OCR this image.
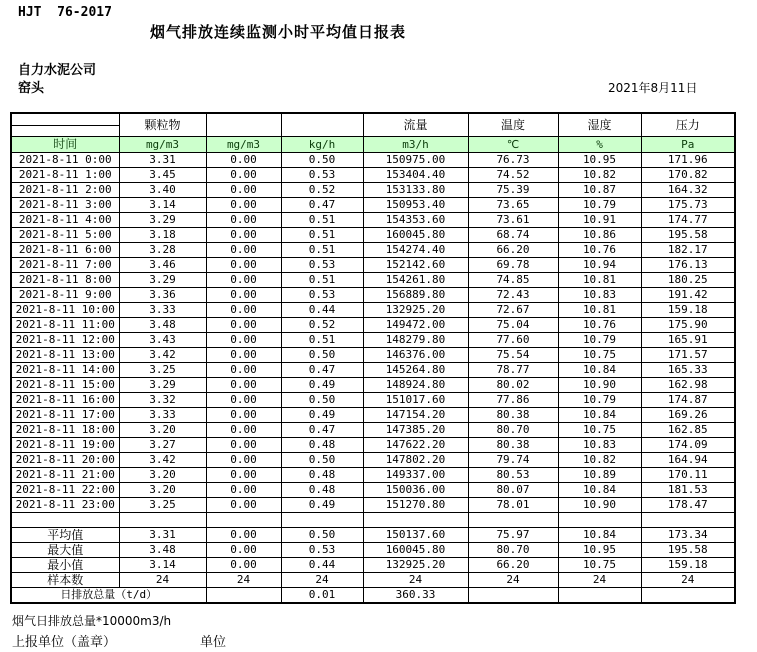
HJT  76-2017
烟气排放连续监测小时平均值日报表
自力水泥公司
窑头	2021年8月11日
	颗粒物			流量	温度	湿度	压力

时间	mg/m3	mg/m3	kg/h	m3/h	℃	%	Pa
2021-8-11 0:00	3.31	0.00	0.50	150975.00	76.73	10.95	171.96
2021-8-11 1:00	3.45	0.00	0.53	153404.40	74.52	10.82	170.82
2021-8-11 2:00	3.40	0.00	0.52	153133.80	75.39	10.87	164.32
2021-8-11 3:00	3.14	0.00	0.47	150953.40	73.65	10.79	175.73
2021-8-11 4:00	3.29	0.00	0.51	154353.60	73.61	10.91	174.77
2021-8-11 5:00	3.18	0.00	0.51	160045.80	68.74	10.86	195.58
2021-8-11 6:00	3.28	0.00	0.51	154274.40	66.20	10.76	182.17
2021-8-11 7:00	3.46	0.00	0.53	152142.60	69.78	10.94	176.13
2021-8-11 8:00	3.29	0.00	0.51	154261.80	74.85	10.81	180.25
2021-8-11 9:00	3.36	0.00	0.53	156889.80	72.43	10.83	191.42
2021-8-11 10:00	3.33	0.00	0.44	132925.20	72.67	10.81	159.18
2021-8-11 11:00	3.48	0.00	0.52	149472.00	75.04	10.76	175.90
2021-8-11 12:00	3.43	0.00	0.51	148279.80	77.60	10.79	165.91
2021-8-11 13:00	3.42	0.00	0.50	146376.00	75.54	10.75	171.57
2021-8-11 14:00	3.25	0.00	0.47	145264.80	78.77	10.84	165.33
2021-8-11 15:00	3.29	0.00	0.49	148924.80	80.02	10.90	162.98
2021-8-11 16:00	3.32	0.00	0.50	151017.60	77.86	10.79	174.87
2021-8-11 17:00	3.33	0.00	0.49	147154.20	80.38	10.84	169.26
2021-8-11 18:00	3.20	0.00	0.47	147385.20	80.70	10.75	162.85
2021-8-11 19:00	3.27	0.00	0.48	147622.20	80.38	10.83	174.09
2021-8-11 20:00	3.42	0.00	0.50	147802.20	79.74	10.82	164.94
2021-8-11 21:00	3.20	0.00	0.48	149337.00	80.53	10.89	170.11
2021-8-11 22:00	3.20	0.00	0.48	150036.00	80.07	10.84	181.53
2021-8-11 23:00	3.25	0.00	0.49	151270.80	78.01	10.90	178.47

平均值	3.31	0.00	0.50	150137.60	75.97	10.84	173.34
最大值	3.48	0.00	0.53	160045.80	80.70	10.95	195.58
最小值	3.14	0.00	0.44	132925.20	66.20	10.75	159.18
样本数	24	24	24	24	24	24	24
日排放总量（t/d）			0.01	360.33			
烟气日排放总量*10000m3/h
上报单位（盖章）	单位
